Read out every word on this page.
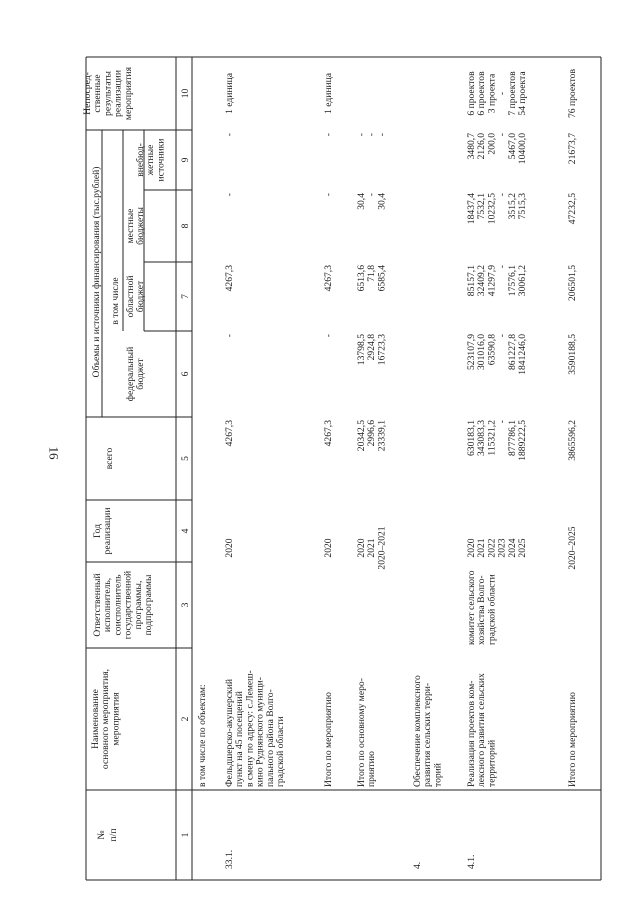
16
№ п/п
Наименование основного мероприятия, мероприятия
Ответственный исполнитель, соисполнитель государственной программы, подпрограммы
Год реализации
Объемы и источники финансирования (тыс.рублей)
всего
в том числе
федеральный бюджет
областной бюджет
местные бюджеты
внебюд- жетные источники
Непосред- ственные результаты реализации мероприятия
1
2
3
4
5
6
7
8
9
10
в том числе по объектам:
33.1.
Фельдшерско-акушерский пункт на 45 посещений в смену по адресу: с.Лемеш- кино Руднянского муници- пального района Волго- градской области
2020
4267,3
-
4267,3
-
-
1 единица
Итого по мероприятию
2020
4267,3
-
4267,3
-
-
1 единица
Итого по основному меро- приятию
2020 2021 2020–2021
20342,5 2996,6 23339,1
13798,5 2924,8 16723,3
6513,6 71,8 6585,4
30,4 - 30,4
- - -
4.
Обеспечение комплексного развития сельских терри- торий
4.1.
Реализация проектов ком- лексного развития сельских территорий
комитет сельского хозяйства Волго- градской области
2020 2021 2022 2023 2024 2025
630183,1 343083,3 115321,2 - 877786,1 1889222,5
523107,9 301016,0 63590,8 - 861227,8 1841246,0
85157,1 32409,2 41297,9 - 17576,1 30061,2
18437,4 7532,1 10232,5 - 3515,2 7515,3
3480,7 2126,0 200,0 - 5467,0 10400,0
6 проектов 6 проектов 3 проекта - 7 проектов 54 проекта
Итого по мероприятию
2020–2025
3865596,2
3590188,5
206501,5
47232,5
21673,7
76 проектов
